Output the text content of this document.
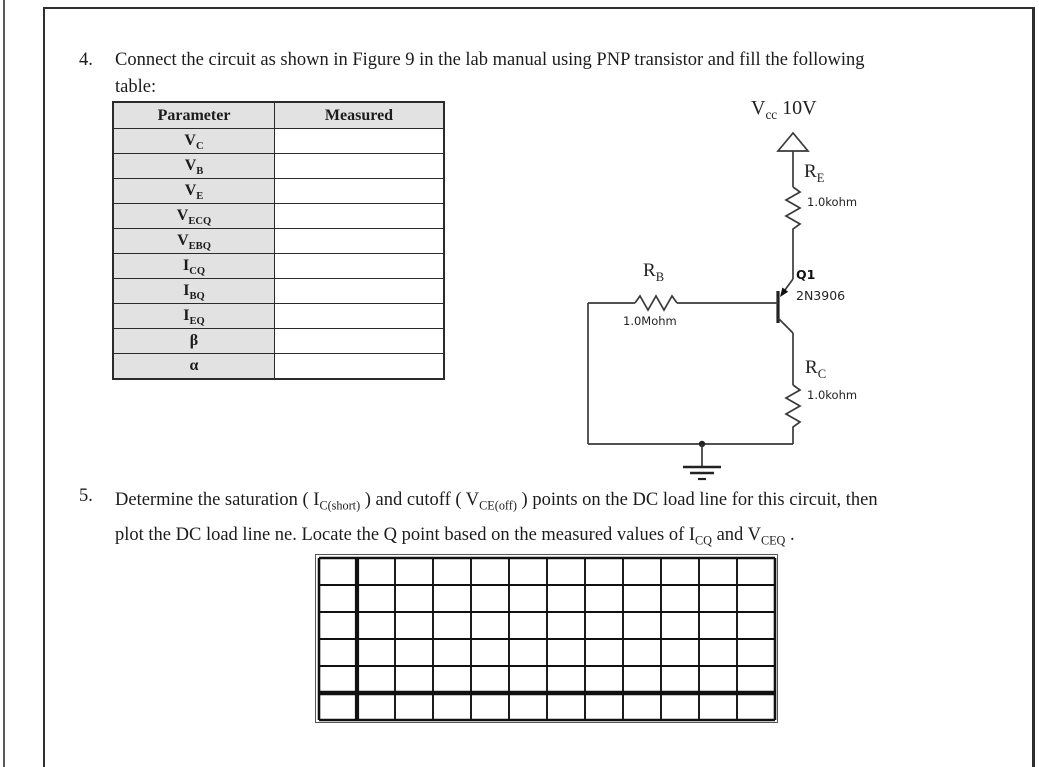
4.	Connect the circuit as shown in Figure 9 in the lab manual using PNP transistor and fill the following
table:
Parameter	Measured
$V_C$	
$V_B$	
$V_E$	
$V_{ECQ}$	
$V_{EBQ}$	
$I_{CQ}$	
$I_{BQ}$	
$I_{EQ}$	
β	
α	
$V_{cc}$ 10V
$R_E$
1.0kohm
Q1
2N3906
$R_B$
1.0Mohm
$R_C$
1.0kohm
5.	Determine the saturation ( $I_{C(short)}$ ) and cutoff ( $V_{CE(off)}$ ) points on the DC load line for this circuit, then
plot the DC load line ne. Locate the Q point based on the measured values of $I_{CQ}$ and $V_{CEQ}$ .
